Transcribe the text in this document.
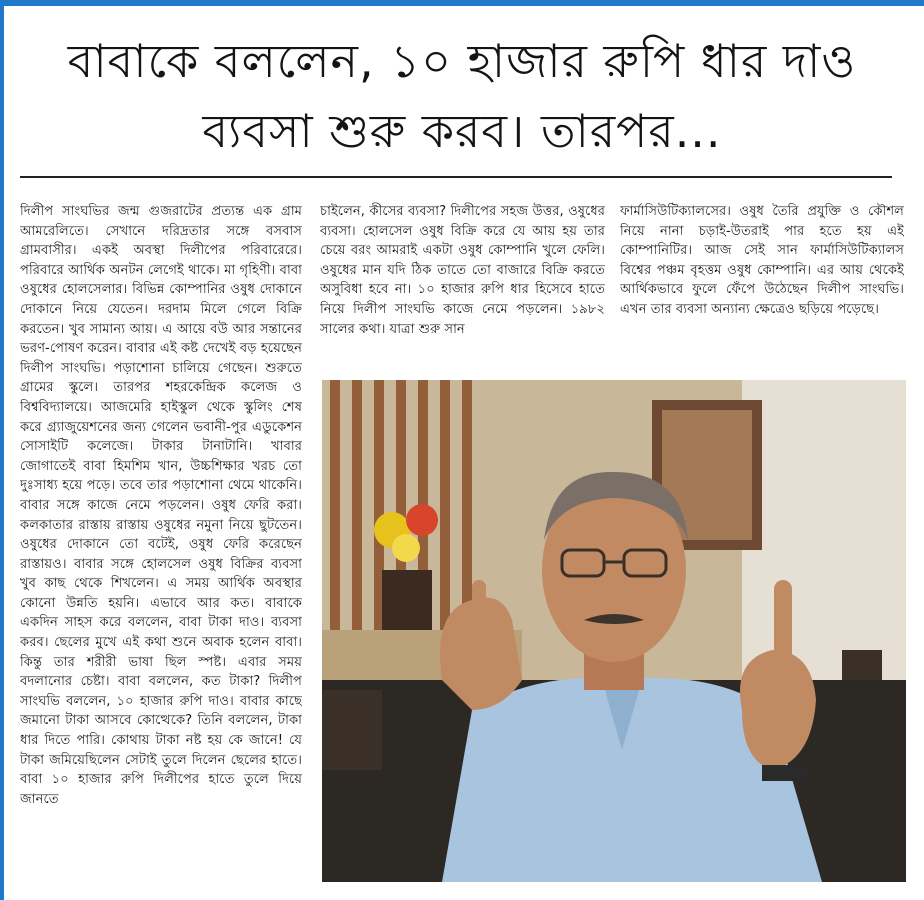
বাবাকে বললেন, ১০ হাজার রুপি ধার দাও
ব্যবসা শুরু করব। তারপর...

দিলীপ সাংঘভির জন্ম গুজরাটের প্রত্যন্ত এক গ্রাম আমরেলিতে। সেখানে দরিদ্রতার সঙ্গে বসবাস গ্রামবাসীর। একই অবস্থা দিলীপের পরিবারেরে। পরিবারে আর্থিক অনটন লেগেই থাকে। মা গৃহিণী। বাবা ওষুধের হোলসেলার। বিভিন্ন কোম্পানির ওষুধ দোকানে দোকানে নিয়ে যেতেন। দরদাম মিলে গেলে বিক্রি করতেন। খুব সামান্য আয়। এ আয়ে বউ আর সন্তানের ভরণ-পোষণ করেন। বাবার এই কষ্ট দেখেই বড় হয়েছেন দিলীপ সাংঘভি। পড়াশোনা চালিয়ে গেছেন। শুরুতে গ্রামের স্কুলে। তারপর শহরকেন্দ্রিক কলেজ ও বিশ্ববিদ্যালয়ে। আজমেরি হাইস্কুল থেকে স্কুলিং শেষ করে গ্র্যাজুয়েশনের জন্য গেলেন ভবানী-পুর এডুকেশন সোসাইটি কলেজে। টাকার টানাটানি। খাবার জোগাতেই বাবা হিমশিম খান, উচ্চশিক্ষার খরচ তো দুঃসাধ্য হয়ে পড়ে। তবে তার পড়াশোনা থেমে থাকেনি। বাবার সঙ্গে কাজে নেমে পড়লেন। ওষুধ ফেরি করা। কলকাতার রাস্তায় রাস্তায় ওষুধের নমুনা নিয়ে ছুটতেন। ওষুধের দোকানে তো বটেই, ওষুধ ফেরি করেছেন রাস্তায়ও। বাবার সঙ্গে হোলসেল ওষুধ বিক্রির ব্যবসা খুব কাছ থেকে শিখলেন। এ সময় আর্থিক অবস্থার কোনো উন্নতি হয়নি। এভাবে আর কত। বাবাকে একদিন সাহস করে বললেন, বাবা টাকা দাও। ব্যবসা করব। ছেলের মুখে এই কথা শুনে অবাক হলেন বাবা। কিন্তু তার শরীরী ভাষা ছিল স্পষ্ট। এবার সময় বদলানোর চেষ্টা। বাবা বললেন, কত টাকা? দিলীপ সাংঘভি বললেন, ১০ হাজার রুপি দাও। বাবার কাছে জমানো টাকা আসবে কোত্থেকে? তিনি বললেন, টাকা ধার দিতে পারি। কোথায় টাকা নষ্ট হয় কে জানে! যে টাকা জমিয়েছিলেন সেটাই তুলে দিলেন ছেলের হাতে। বাবা ১০ হাজার রুপি দিলীপের হাতে তুলে দিয়ে জানতে

চাইলেন, কীসের ব্যবসা? দিলীপের সহজ উত্তর, ওষুধের ব্যবসা। হোলসেল ওষুধ বিক্রি করে যে আয় হয় তার চেয়ে বরং আমরাই একটা ওষুধ কোম্পানি খুলে ফেলি। ওষুধের মান যদি ঠিক তাতে তো বাজারে বিক্রি করতে অসুবিধা হবে না। ১০ হাজার রুপি ধার হিসেবে হাতে নিয়ে দিলীপ সাংঘভি কাজে নেমে পড়লেন। ১৯৮২ সালের কথা। যাত্রা শুরু সান

ফার্মাসিউটিক্যালসের। ওষুধ তৈরি প্রযুক্তি ও কৌশল নিয়ে নানা চড়াই-উতরাই পার হতে হয় এই কোম্পানিটির। আজ সেই সান ফার্মাসিউটিক্যালস বিশ্বের পঞ্চম বৃহত্তম ওষুধ কোম্পানি। এর আয় থেকেই আর্থিকভাবে ফুলে ফেঁপে উঠেছেন দিলীপ সাংঘভি। এখন তার ব্যবসা অন্যান্য ক্ষেত্রেও ছড়িয়ে পড়েছে।
